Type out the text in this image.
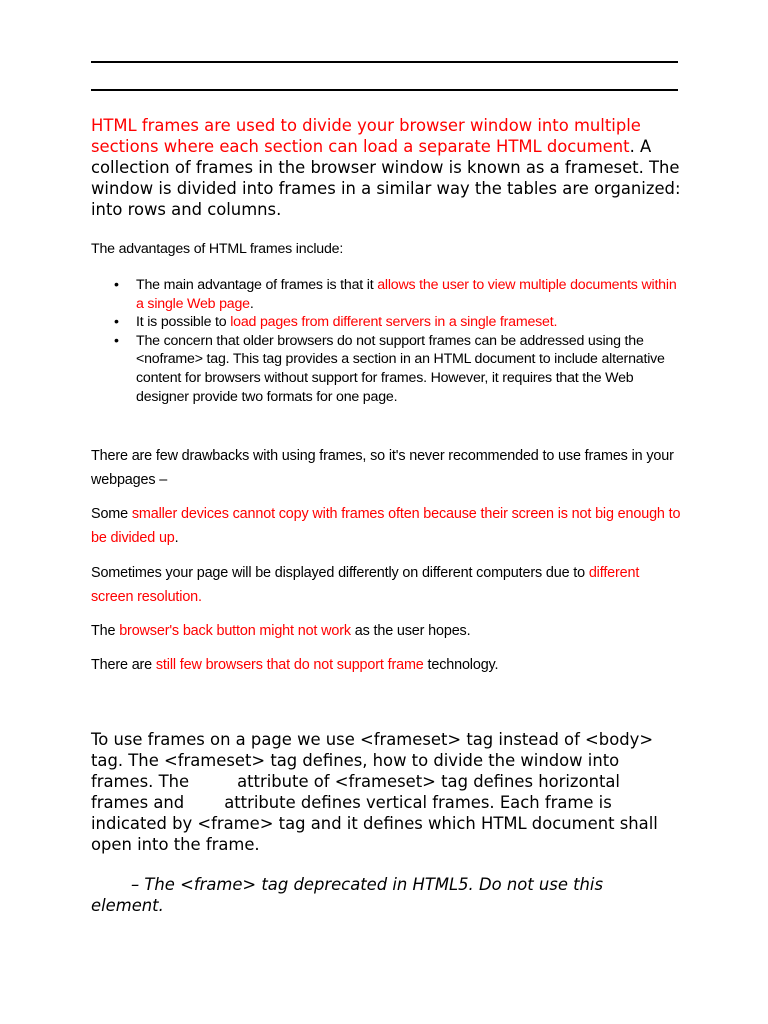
HTML frames are used to divide your browser window into multiple sections where each section can load a separate HTML document. A collection of frames in the browser window is known as a frameset. The window is divided into frames in a similar way the tables are organized: into rows and columns.

The advantages of HTML frames include:
• The main advantage of frames is that it allows the user to view multiple documents within a single Web page.
• It is possible to load pages from different servers in a single frameset.
• The concern that older browsers do not support frames can be addressed using the <noframe> tag. This tag provides a section in an HTML document to include alternative content for browsers without support for frames. However, it requires that the Web designer provide two formats for one page.
There are few drawbacks with using frames, so it's never recommended to use frames in your webpages –
Some smaller devices cannot copy with frames often because their screen is not big enough to be divided up.
Sometimes your page will be displayed differently on different computers due to different screen resolution.
The browser's back button might not work as the user hopes.
There are still few browsers that do not support frame technology.
To use frames on a page we use <frameset> tag instead of <body>
tag. The <frameset> tag defines, how to divide the window into
frames. The	attribute of <frameset> tag defines horizontal
frames and attribute defines vertical frames. Each frame is
indicated by <frame> tag and it defines which HTML document shall
open into the frame.
– The <frame> tag deprecated in HTML5. Do not use this
element.
